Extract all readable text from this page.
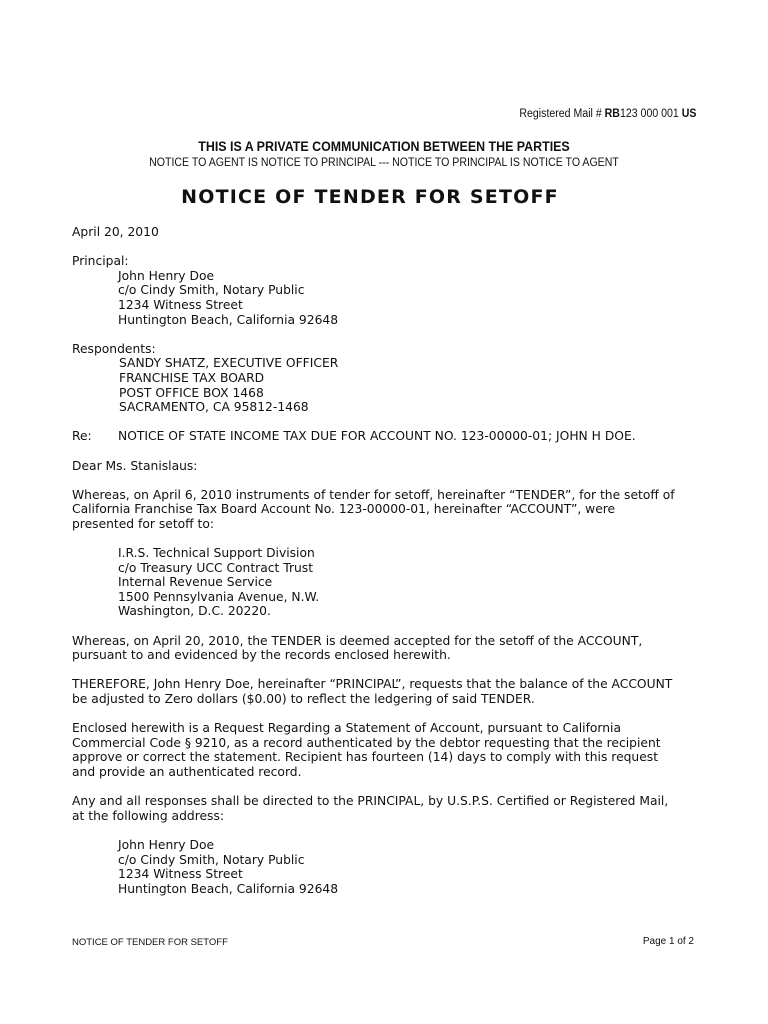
Registered Mail # RB123 000 001 US
THIS IS A PRIVATE COMMUNICATION BETWEEN THE PARTIES
NOTICE TO AGENT IS NOTICE TO PRINCIPAL --- NOTICE TO PRINCIPAL IS NOTICE TO AGENT
NOTICE OF TENDER FOR SETOFF

April 20, 2010

Principal:

John Henry Doe

c/o Cindy Smith, Notary Public

1234 Witness Street

Huntington Beach, California 92648

Respondents:

SANDY SHATZ, EXECUTIVE OFFICER

FRANCHISE TAX BOARD

POST OFFICE BOX 1468

SACRAMENTO, CA 95812-1468

Re:	NOTICE OF STATE INCOME TAX DUE FOR ACCOUNT NO. 123-00000-01; JOHN H DOE.

Dear Ms. Stanislaus:

Whereas, on April 6, 2010 instruments of tender for setoff, hereinafter “TENDER”, for the setoff of

California Franchise Tax Board Account No. 123-00000-01, hereinafter “ACCOUNT”, were

presented for setoff to:

I.R.S. Technical Support Division

c/o Treasury UCC Contract Trust

Internal Revenue Service

1500 Pennsylvania Avenue, N.W.

Washington, D.C. 20220.

Whereas, on April 20, 2010, the TENDER is deemed accepted for the setoff of the ACCOUNT,

pursuant to and evidenced by the records enclosed herewith.

THEREFORE, John Henry Doe, hereinafter “PRINCIPAL”, requests that the balance of the ACCOUNT

be adjusted to Zero dollars ($0.00) to reflect the ledgering of said TENDER.

Enclosed herewith is a Request Regarding a Statement of Account, pursuant to California

Commercial Code § 9210, as a record authenticated by the debtor requesting that the recipient

approve or correct the statement. Recipient has fourteen (14) days to comply with this request

and provide an authenticated record.

Any and all responses shall be directed to the PRINCIPAL, by U.S.P.S. Certified or Registered Mail,

at the following address:

John Henry Doe

c/o Cindy Smith, Notary Public

1234 Witness Street

Huntington Beach, California 92648

NOTICE OF TENDER FOR SETOFF	Page 1 of 2
